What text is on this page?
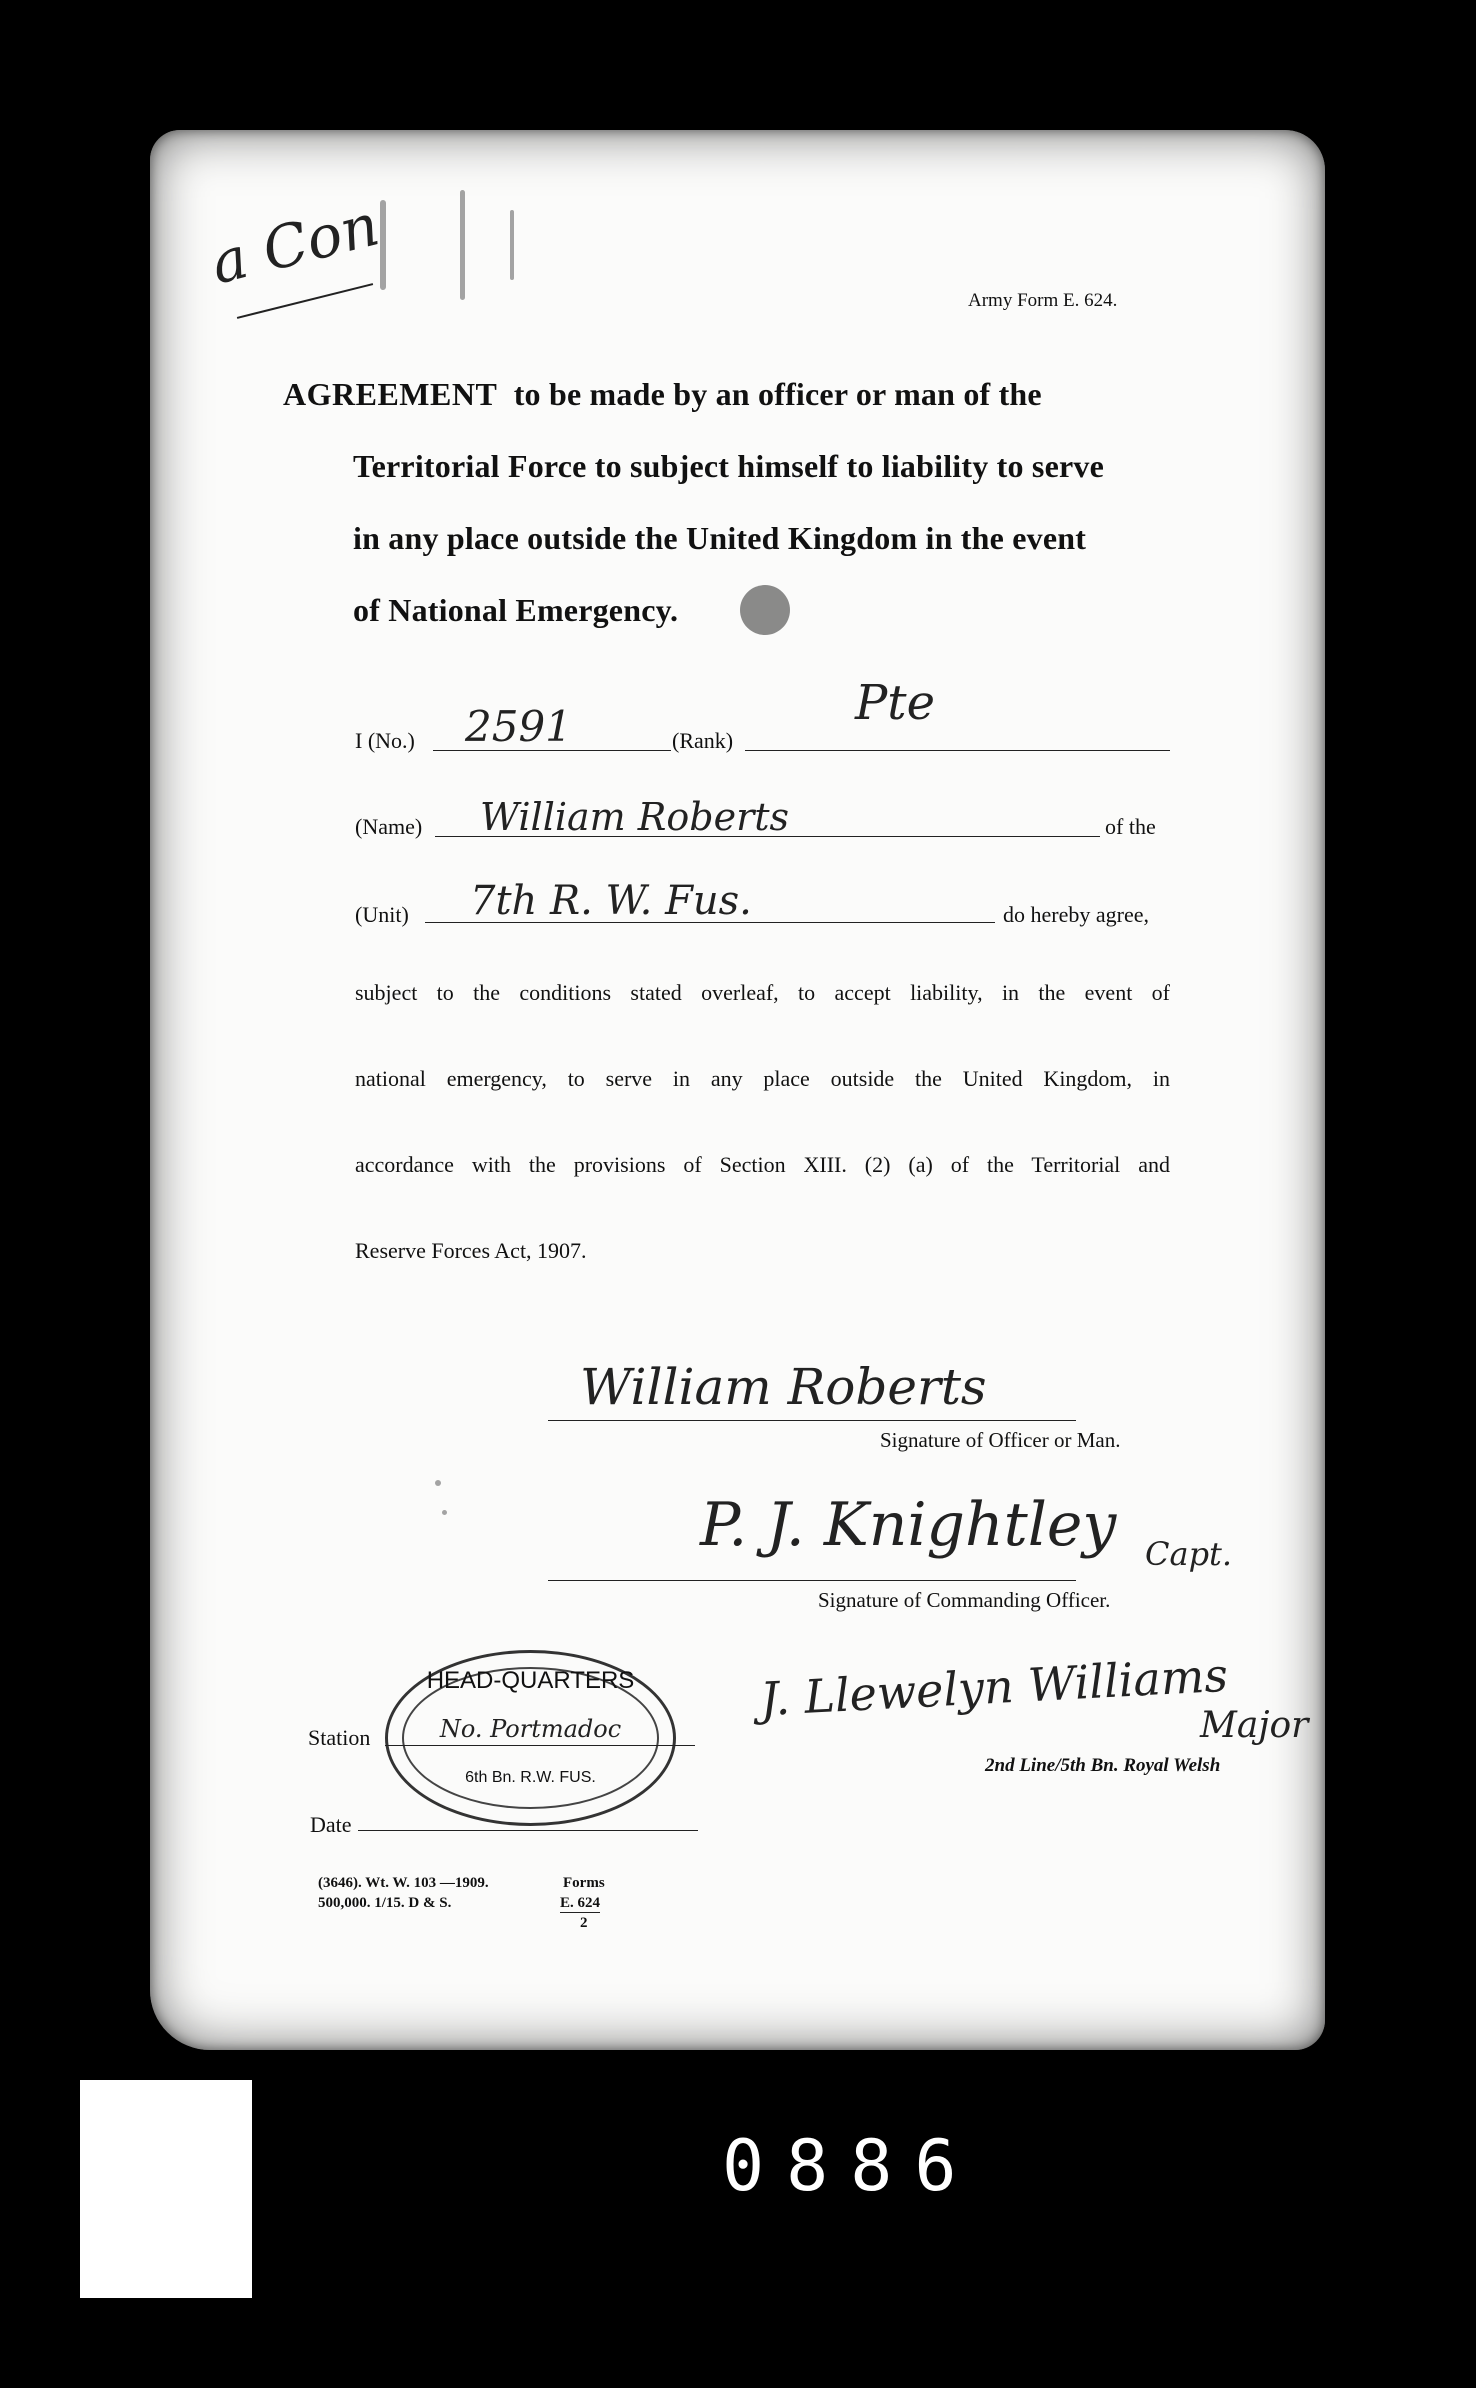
a Con
Army Form E. 624.
AGREEMENT to be made by an officer or man of the
Territorial Force to subject himself to liability to serve
in any place outside the United Kingdom in the event
of National Emergency.
I (No.) 2591	(Rank)
Pte
(Name) William Roberts	of the
(Unit) 7th R. W. Fus.	do hereby agree,
subject to the conditions stated overleaf, to accept liability, in the event of
national emergency, to serve in any place outside the United Kingdom, in
accordance with the provisions of Section XIII. (2) (a) of the Territorial and
Reserve Forces Act, 1907.
William Roberts
Signature of Officer or Man.
P. J. Knightley Capt.
Signature of Commanding Officer.
J. Llewelyn Williams
Major
2nd Line/5th Bn. Royal Welsh
HEAD-QUARTERS
No. Portmadoc
6th Bn. R.W. FUS.
Station
Date
(3646). Wt. W. 103 —1909.
500,000. 1/15. D & S.
Forms
E. 624
2
0886
